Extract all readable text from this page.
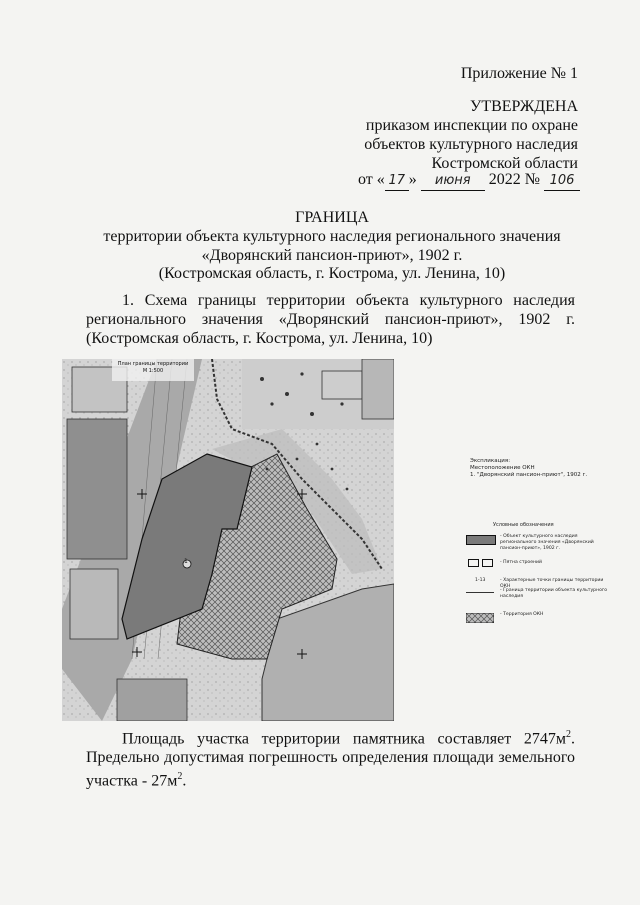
Приложение № 1
УТВЕРЖДЕНА
приказом инспекции по охране
объектов культурного наследия
Костромской области
от « 17 » июня 2022 № 106
ГРАНИЦА
территории объекта культурного наследия регионального значения
«Дворянский пансион-приют», 1902 г.
(Костромская область, г. Кострома, ул. Ленина, 10)

1. Схема границы территории объекта культурного наследия регионального значения «Дворянский пансион-приют», 1902 г. (Костромская область, г. Кострома, ул. Ленина, 10)

План границы территории
М 1:500
1
Экспликация:
Местоположение ОКН
1. "Дворянский пансион-приют", 1902 г.
Условные обозначения
- Объект культурного наследия регионального значения «Дворянский пансион-приют», 1902 г.
- Пятна строений
1-13	- Характерные точки границы территории ОКН
- Граница территории объекта культурного наследия
- Территория ОКН

Площадь участка территории памятника составляет $2747м^2$.

Предельно допустимая погрешность определения площади земельного участка - $27м^2$.
